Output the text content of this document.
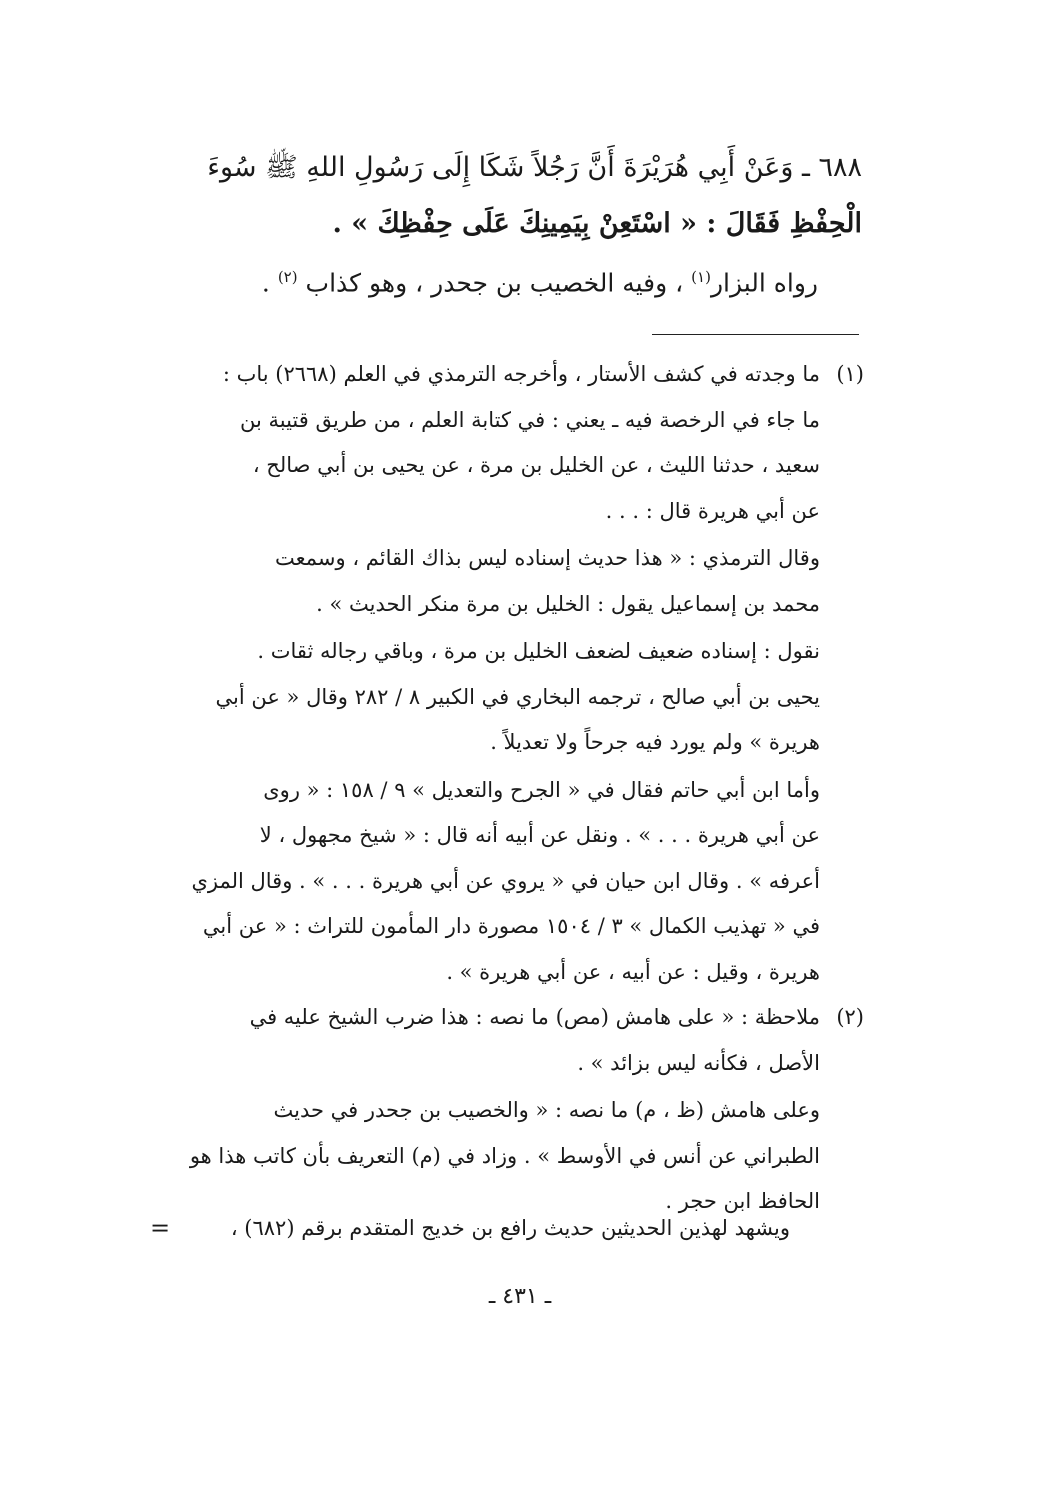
٦٨٨ ـ وَعَنْ أَبِي هُرَيْرَةَ أَنَّ رَجُلاً شَكَا إِلَى رَسُولِ اللهِ ﷺ سُوءَ
الْحِفْظِ فَقَالَ : « اسْتَعِنْ بِيَمِينِكَ عَلَى حِفْظِكَ » .
رواه البزار$^{(١)}$ ، وفيه الخصيب بن جحدر ، وهو كذاب $^{(٢)}$ .
(١)
ما وجدته في كشف الأستار ، وأخرجه الترمذي في العلم (٢٦٦٨) باب :
ما جاء في الرخصة فيه ـ يعني : في كتابة العلم ، من طريق قتيبة بن
سعيد ، حدثنا الليث ، عن الخليل بن مرة ، عن يحيى بن أبي صالح ،
عن أبي هريرة قال : . . .
وقال الترمذي : « هذا حديث إسناده ليس بذاك القائم ، وسمعت
محمد بن إسماعيل يقول : الخليل بن مرة منكر الحديث » .
نقول : إسناده ضعيف لضعف الخليل بن مرة ، وباقي رجاله ثقات .
يحيى بن أبي صالح ، ترجمه البخاري في الكبير ٨ / ٢٨٢ وقال « عن أبي
هريرة » ولم يورد فيه جرحاً ولا تعديلاً .
وأما ابن أبي حاتم فقال في « الجرح والتعديل » ٩ / ١٥٨ : « روى
عن أبي هريرة . . . » . ونقل عن أبيه أنه قال : « شيخ مجهول ، لا
أعرفه » . وقال ابن حيان في « يروي عن أبي هريرة . . . » . وقال المزي
في « تهذيب الكمال » ٣ / ١٥٠٤ مصورة دار المأمون للتراث : « عن أبي
هريرة ، وقيل : عن أبيه ، عن أبي هريرة » .
(٢)
ملاحظة : « على هامش (مص) ما نصه : هذا ضرب الشيخ عليه في
الأصل ، فكأنه ليس بزائد » .
وعلى هامش (ظ ، م) ما نصه : « والخصيب بن جحدر في حديث
الطبراني عن أنس في الأوسط » . وزاد في (م) التعريف بأن كاتب هذا هو
الحافظ ابن حجر .
=	ويشهد لهذين الحديثين حديث رافع بن خديج المتقدم برقم (٦٨٢) ،
ـ ٤٣١ ـ
